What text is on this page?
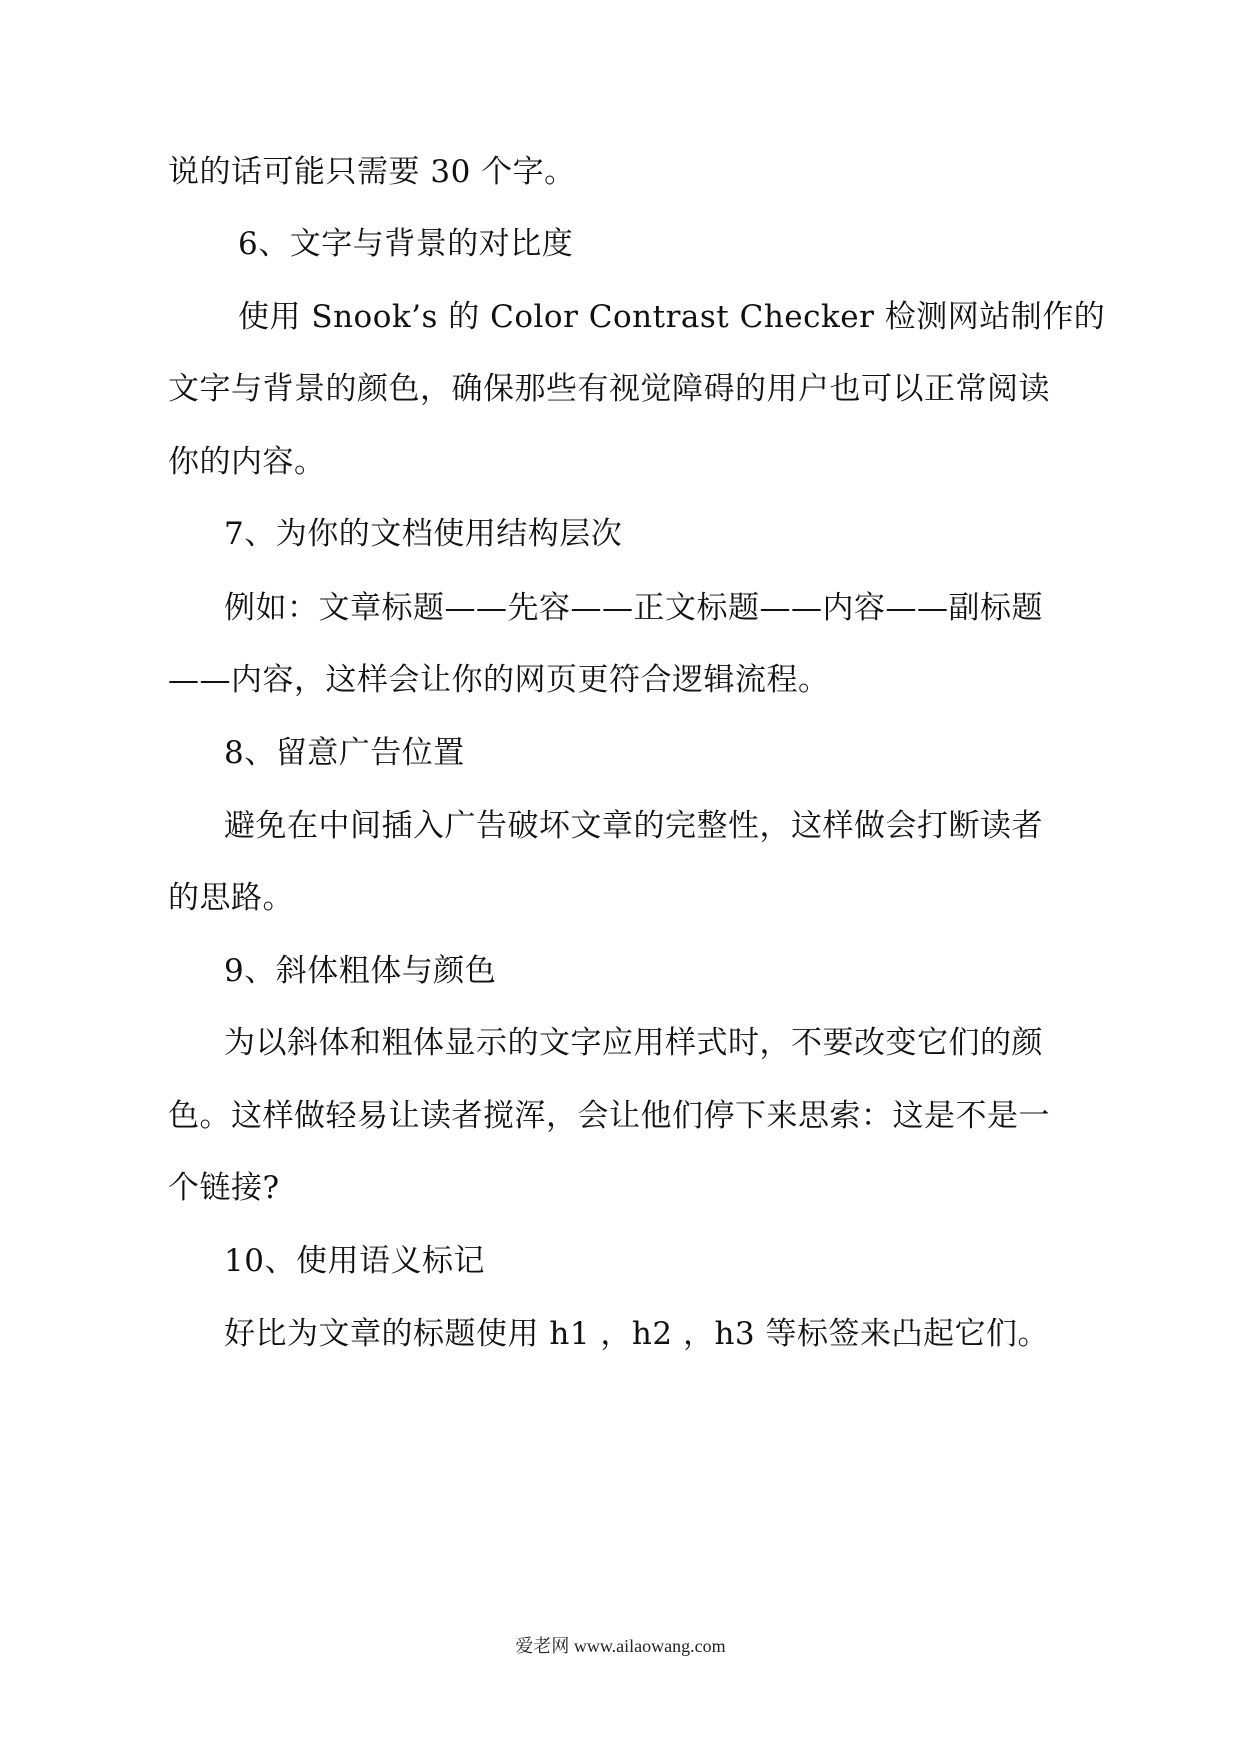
说的话可能只需要 30 个字。
6、文字与背景的对比度
使用 Snook’s 的 Color Contrast Checker 检测网站制作的
文字与背景的颜色，确保那些有视觉障碍的用户也可以正常阅读
你的内容。
7、为你的文档使用结构层次
例如：文章标题——先容——正文标题——内容——副标题
——内容，这样会让你的网页更符合逻辑流程。
8、留意广告位置
避免在中间插入广告破坏文章的完整性，这样做会打断读者
的思路。
9、斜体粗体与颜色
为以斜体和粗体显示的文字应用样式时，不要改变它们的颜
色。这样做轻易让读者搅浑，会让他们停下来思索：这是不是一
个链接?
10、使用语义标记
好比为文章的标题使用 h1 ，h2 ，h3 等标签来凸起它们。
爱老网 www.ailaowang.com
